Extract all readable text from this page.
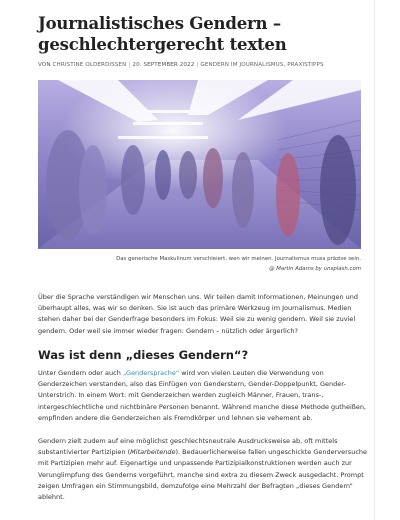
Journalistisches Gendern – geschlechtergerecht texten
VON CHRISTINE OLDERDISSEN | 20. SEPTEMBER 2022 | GENDERN IM JOURNALISMUS, PRAXISTIPPS
Das generische Maskulinum verschleiert, wen wir meinen. Journalismus muss präzise sein.
@ Martin Adams by unsplash.com

Über die Sprache verständigen wir Menschen uns. Wir teilen damit Informationen, Meinungen und überhaupt alles, was wir so denken. Sie ist auch das primäre Werkzeug im Journalismus. Medien stehen daher bei der Genderfrage besonders im Fokus: Weil sie zu wenig gendern. Weil sie zuviel gendern. Oder weil sie immer wieder fragen: Gendern – nützlich oder ärgerlich?

Was ist denn „dieses Gendern“?

Unter Gendern oder auch „Gendersprache“ wird von vielen Leuten die Verwendung von Genderzeichen verstanden, also das Einfügen von Genderstern, Gender-Doppelpunkt, Gender-Unterstrich. In einem Wort: mit Genderzeichen werden zugleich Männer, Frauen, trans-, intergeschlechtliche und nichtbinäre Personen benannt. Während manche diese Methode gutheißen, empfinden andere die Genderzeichen als Fremdkörper und lehnen sie vehement ab.

Gendern zielt zudem auf eine möglichst geschlechtsneutrale Ausdrucksweise ab, oft mittels substantivierter Partizipien (Mitarbeitende). Bedauerlicherweise fallen ungeschickte Genderversuche mit Partizipien mehr auf. Eigenartige und unpassende Partizipialkonstruktionen werden auch zur Verunglimpfung des Genderns vorgeführt, manche sind extra zu diesem Zweck ausgedacht. Prompt zeigen Umfragen ein Stimmungsbild, demzufolge eine Mehrzahl der Befragten „dieses Gendern“ ablehnt.
